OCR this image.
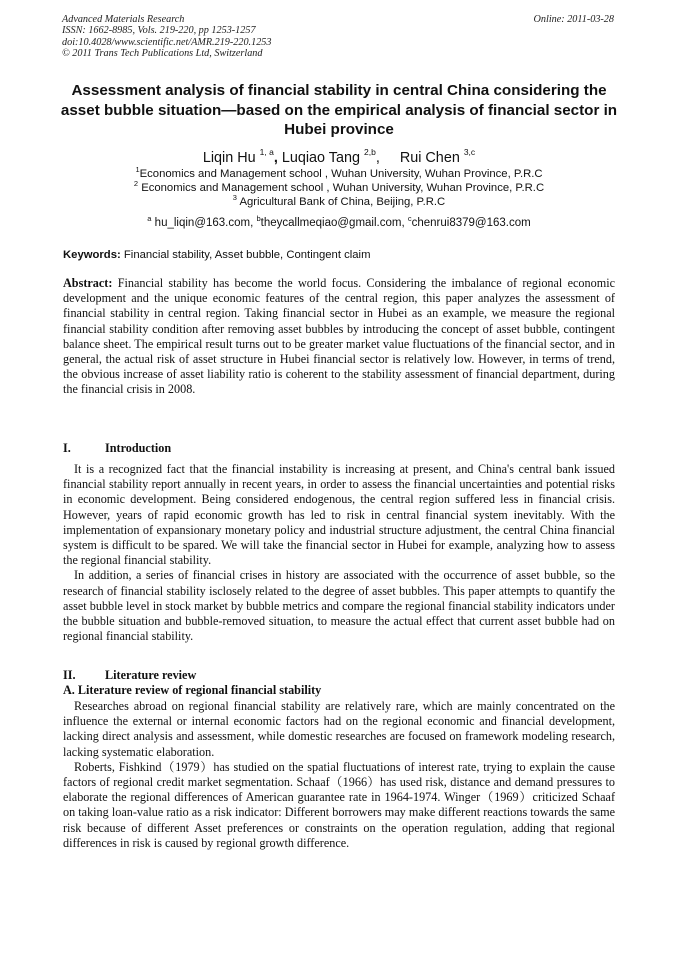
Advanced Materials Research
ISSN: 1662-8985, Vols. 219-220, pp 1253-1257
doi:10.4028/www.scientific.net/AMR.219-220.1253
© 2011 Trans Tech Publications Ltd, Switzerland
Online: 2011-03-28
Assessment analysis of financial stability in central China considering the asset bubble situation—based on the empirical analysis of financial sector in Hubei province
Liqin Hu $^{1, a}$, Luqiao Tang $^{2,b}$,     Rui Chen $^{3,c}$
$^1$Economics and Management school , Wuhan University, Wuhan Province, P.R.C
$^2$ Economics and Management school , Wuhan University, Wuhan Province, P.R.C
$^3$ Agricultural Bank of China, Beijing, P.R.C
$^a$ hu_liqin@163.com, $^b$theycallmeqiao@gmail.com, $^c$chenrui8379@163.com
Keywords: Financial stability, Asset bubble, Contingent claim
Abstract: Financial stability has become the world focus. Considering the imbalance of regional economic development and the unique economic features of the central region, this paper analyzes the assessment of financial stability in central region. Taking financial sector in Hubei as an example, we measure the regional financial stability condition after removing asset bubbles by introducing the concept of asset bubble, contingent balance sheet. The empirical result turns out to be greater market value fluctuations of the financial sector, and in general, the actual risk of asset structure in Hubei financial sector is relatively low. However, in terms of trend, the obvious increase of asset liability ratio is coherent to the stability assessment of financial department, during the financial crisis in 2008.
I.	Introduction

It is a recognized fact that the financial instability is increasing at present, and China's central bank issued financial stability report annually in recent years, in order to assess the financial uncertainties and potential risks in economic development. Being considered endogenous, the central region suffered less in financial crisis. However, years of rapid economic growth has led to risk in central financial system inevitably. With the implementation of expansionary monetary policy and industrial structure adjustment, the central China financial system is difficult to be spared. We will take the financial sector in Hubei for example, analyzing how to assess the regional financial stability.

In addition, a series of financial crises in history are associated with the occurrence of asset bubble, so the research of financial stability isclosely related to the degree of asset bubbles. This paper attempts to quantify the asset bubble level in stock market by bubble metrics and compare the regional financial stability indicators under the bubble situation and bubble-removed situation, to measure the actual effect that current asset bubble had on regional financial stability.

II. Literature review
A. Literature review of regional financial stability

Researches abroad on regional financial stability are relatively rare, which are mainly concentrated on the influence the external or internal economic factors had on the regional economic and financial development, lacking direct analysis and assessment, while domestic researches are focused on framework modeling research, lacking systematic elaboration.

Roberts, Fishkind（1979）has studied on the spatial fluctuations of interest rate, trying to explain the cause factors of regional credit market segmentation. Schaaf（1966）has used risk, distance and demand pressures to elaborate the regional differences of American guarantee rate in 1964-1974. Winger（1969）criticized Schaaf on taking loan-value ratio as a risk indicator: Different borrowers may make different reactions towards the same risk because of different Asset preferences or constraints on the operation regulation, adding that regional differences in risk is caused by regional growth difference.
